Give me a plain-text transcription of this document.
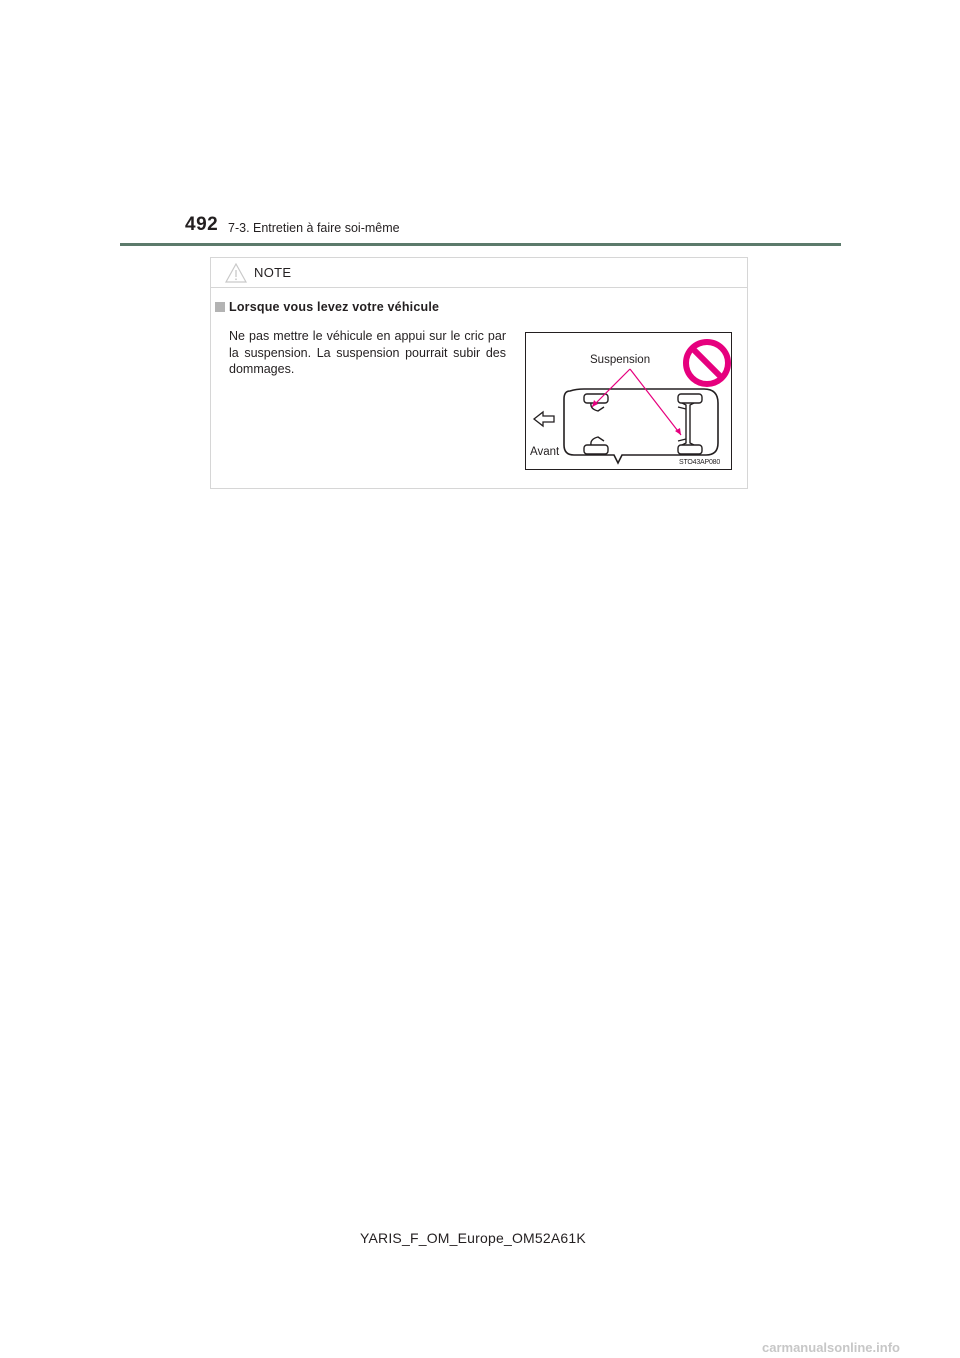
492 7-3. Entretien à faire soi-même
NOTE
Lorsque vous levez votre véhicule
Ne pas mettre le véhicule en appui sur le cric par la suspension. La suspension pourrait subir des dommages.
Suspension
Avant
STO43AP080
YARIS_F_OM_Europe_OM52A61K
carmanualsonline.info
